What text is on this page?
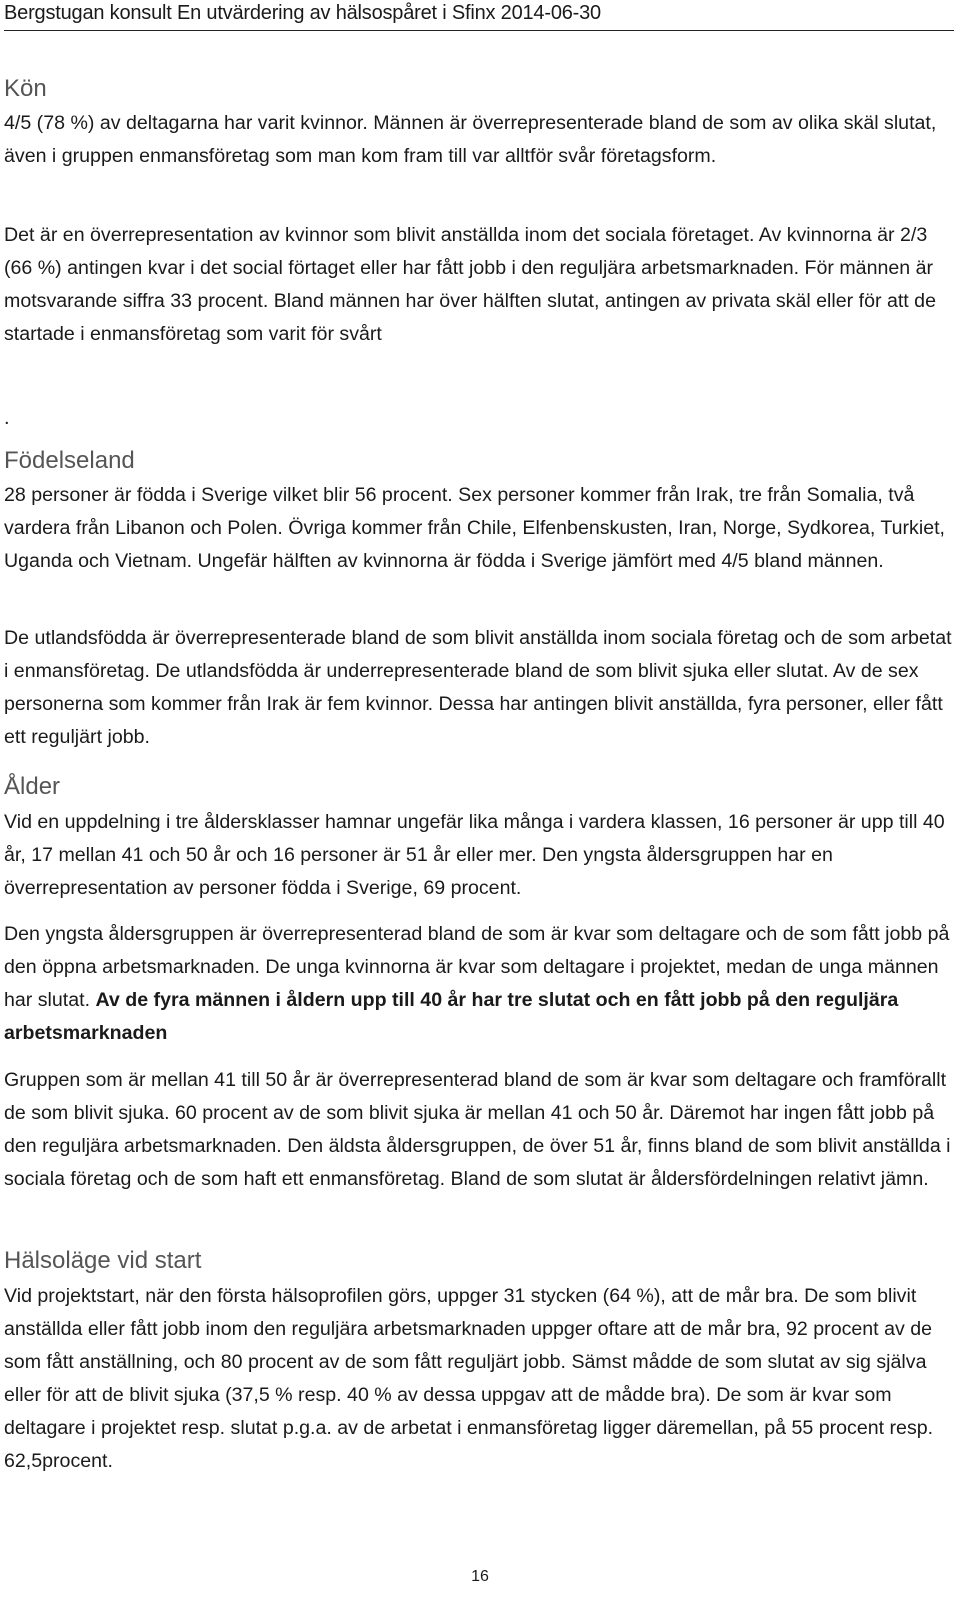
Bergstugan konsult En utvärdering av hälsospåret i Sfinx 2014-06-30
Kön

4/5 (78 %) av deltagarna har varit kvinnor. Männen är överrepresenterade bland de som av olika skäl slutat, även i gruppen enmansföretag som man kom fram till var alltför svår företagsform.

Det är en överrepresentation av kvinnor som blivit anställda inom det sociala företaget. Av kvinnorna är 2/3 (66 %) antingen kvar i det social förtaget eller har fått jobb i den reguljära arbetsmarknaden. För männen är motsvarande siffra 33 procent. Bland männen har över hälften slutat, antingen av privata skäl eller för att de startade i enmansföretag som varit för svårt

.
Födelseland

28 personer är födda i Sverige vilket blir 56 procent. Sex personer kommer från Irak, tre från Somalia, två vardera från Libanon och Polen. Övriga kommer från Chile, Elfenbenskusten, Iran, Norge, Sydkorea, Turkiet, Uganda och Vietnam. Ungefär hälften av kvinnorna är födda i Sverige jämfört med 4/5 bland männen.

De utlandsfödda är överrepresenterade bland de som blivit anställda inom sociala företag och de som arbetat i enmansföretag. De utlandsfödda är underrepresenterade bland de som blivit sjuka eller slutat. Av de sex personerna som kommer från Irak är fem kvinnor. Dessa har antingen blivit anställda, fyra personer, eller fått ett reguljärt jobb.

Ålder

Vid en uppdelning i tre åldersklasser hamnar ungefär lika många i vardera klassen, 16 personer är upp till 40 år, 17 mellan 41 och 50 år och 16 personer är 51 år eller mer. Den yngsta åldersgruppen har en överrepresentation av personer födda i Sverige, 69 procent.

Den yngsta åldersgruppen är överrepresenterad bland de som är kvar som deltagare och de som fått jobb på den öppna arbetsmarknaden. De unga kvinnorna är kvar som deltagare i projektet, medan de unga männen har slutat. Av de fyra männen i åldern upp till 40 år har tre slutat och en fått jobb på den reguljära arbetsmarknaden

Gruppen som är mellan 41 till 50 år är överrepresenterad bland de som är kvar som deltagare och framförallt de som blivit sjuka. 60 procent av de som blivit sjuka är mellan 41 och 50 år. Däremot har ingen fått jobb på den reguljära arbetsmarknaden. Den äldsta åldersgruppen, de över 51 år, finns bland de som blivit anställda i sociala företag och de som haft ett enmansföretag. Bland de som slutat är åldersfördelningen relativt jämn.

Hälsoläge vid start

Vid projektstart, när den första hälsoprofilen görs, uppger 31 stycken (64 %), att de mår bra. De som blivit anställda eller fått jobb inom den reguljära arbetsmarknaden uppger oftare att de mår bra, 92 procent av de som fått anställning, och 80 procent av de som fått reguljärt jobb. Sämst mådde de som slutat av sig själva eller för att de blivit sjuka (37,5 % resp. 40 % av dessa uppgav att de mådde bra). De som är kvar som deltagare i projektet resp. slutat p.g.a. av de arbetat i enmansföretag ligger däremellan, på 55 procent resp. 62,5procent.

16
